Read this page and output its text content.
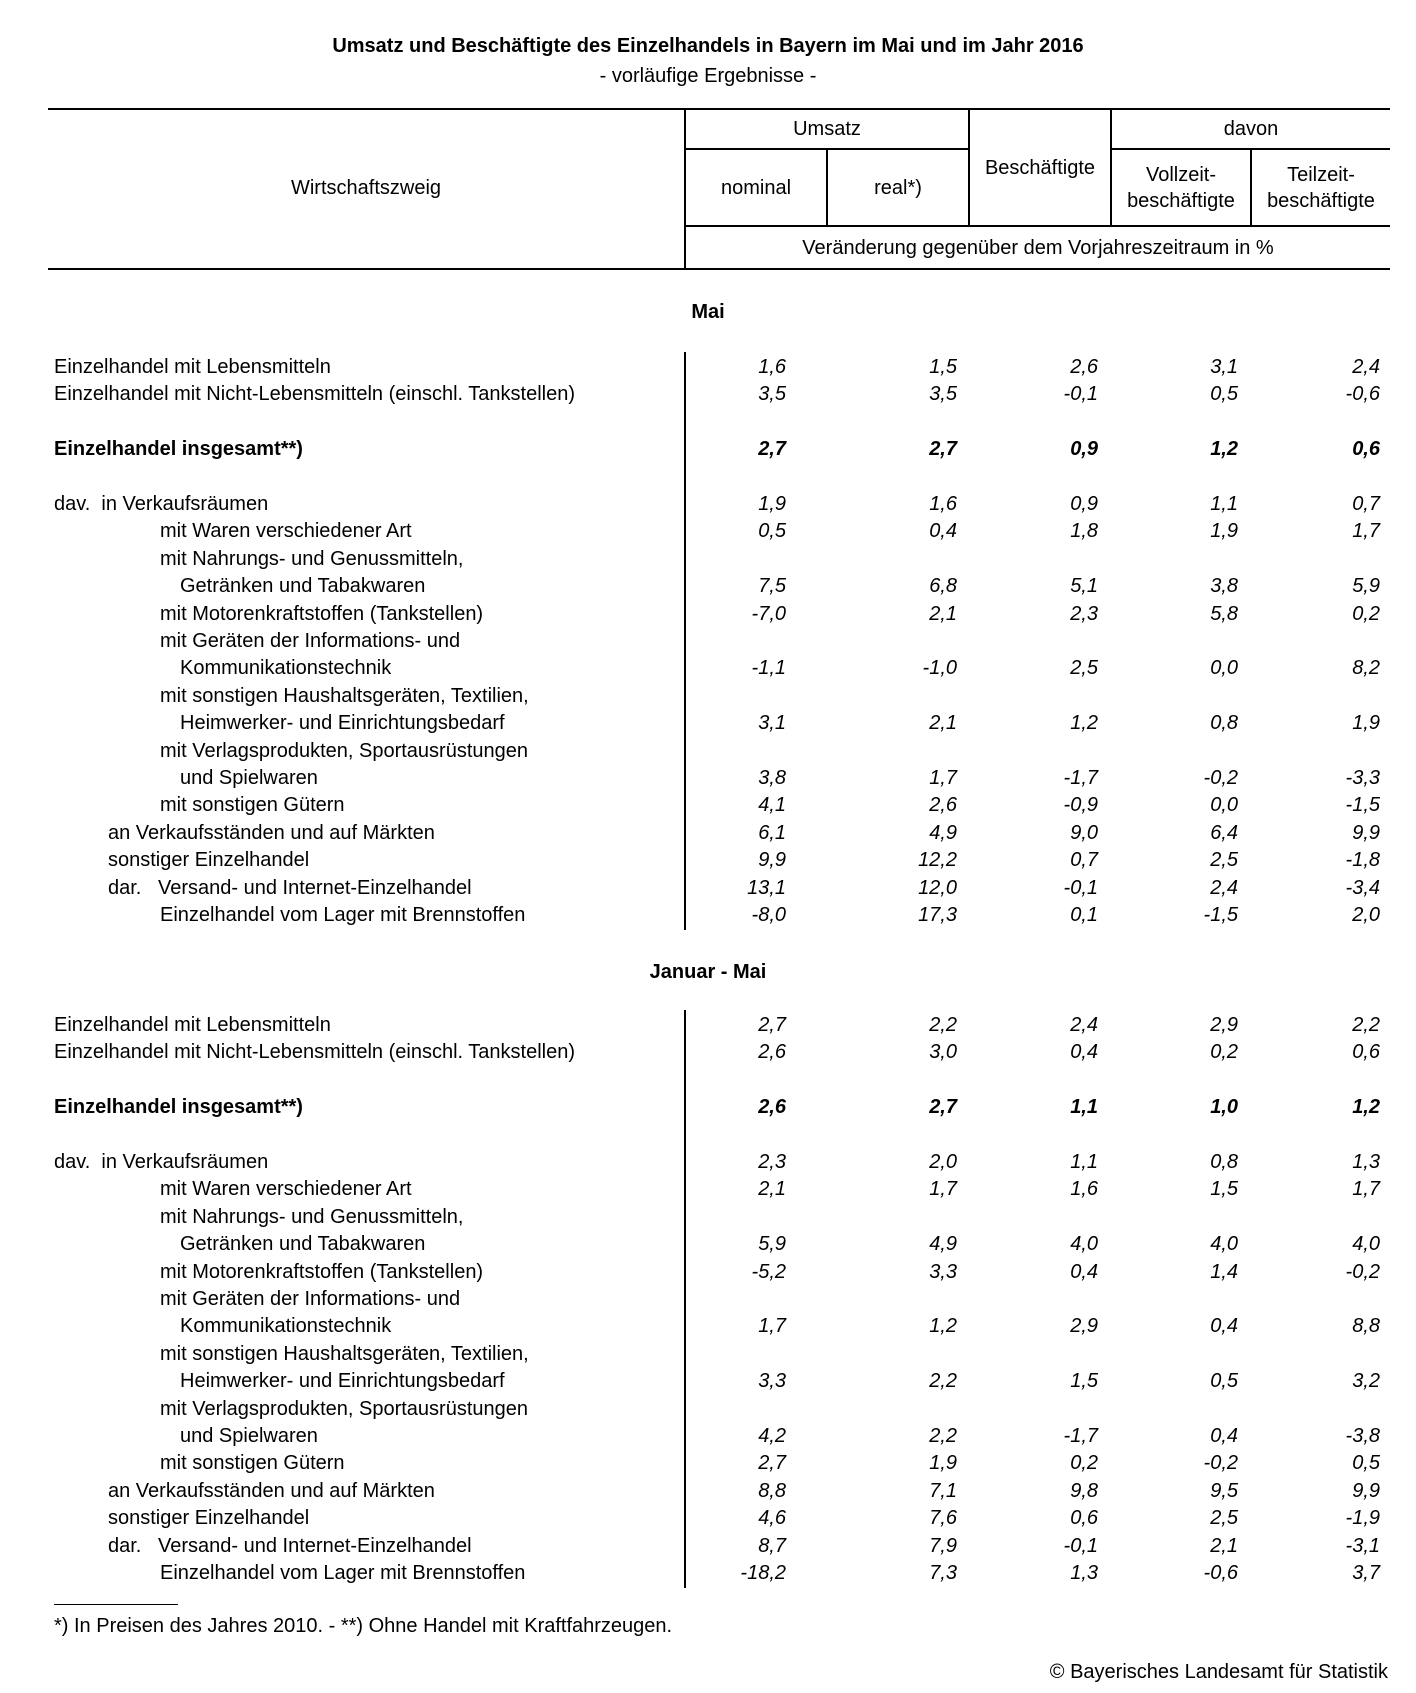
Umsatz und Beschäftigte des Einzelhandels in Bayern im Mai und im Jahr 2016
- vorläufige Ergebnisse -
Wirtschaftszweig
Umsatz
nominal	real*)
Beschäftigte
davon
Vollzeit-
beschäftigte
Teilzeit-
beschäftigte
Veränderung gegenüber dem Vorjahreszeitraum in %
Mai
Januar - Mai
Einzelhandel mit Lebensmitteln	1,6	1,5	2,6	3,1	2,4
Einzelhandel mit Nicht-Lebensmitteln (einschl. Tankstellen)	3,5	3,5	-0,1	0,5	-0,6
Einzelhandel insgesamt**)	2,7	2,7	0,9	1,2	0,6
dav.  in Verkaufsräumen	1,9	1,6	0,9	1,1	0,7
mit Waren verschiedener Art	0,5	0,4	1,8	1,9	1,7
mit Nahrungs- und Genussmitteln,
Getränken und Tabakwaren	7,5	6,8	5,1	3,8	5,9
mit Motorenkraftstoffen (Tankstellen)	-7,0	2,1	2,3	5,8	0,2
mit Geräten der Informations- und
Kommunikationstechnik	-1,1	-1,0	2,5	0,0	8,2
mit sonstigen Haushaltsgeräten, Textilien,
Heimwerker- und Einrichtungsbedarf	3,1	2,1	1,2	0,8	1,9
mit Verlagsprodukten, Sportausrüstungen
und Spielwaren	3,8	1,7	-1,7	-0,2	-3,3
mit sonstigen Gütern	4,1	2,6	-0,9	0,0	-1,5
an Verkaufsständen und auf Märkten	6,1	4,9	9,0	6,4	9,9
sonstiger Einzelhandel	9,9	12,2	0,7	2,5	-1,8
dar.   Versand- und Internet-Einzelhandel	13,1	12,0	-0,1	2,4	-3,4
Einzelhandel vom Lager mit Brennstoffen	-8,0	17,3	0,1	-1,5	2,0
Einzelhandel mit Lebensmitteln	2,7	2,2	2,4	2,9	2,2
Einzelhandel mit Nicht-Lebensmitteln (einschl. Tankstellen)	2,6	3,0	0,4	0,2	0,6
Einzelhandel insgesamt**)	2,6	2,7	1,1	1,0	1,2
dav.  in Verkaufsräumen	2,3	2,0	1,1	0,8	1,3
mit Waren verschiedener Art	2,1	1,7	1,6	1,5	1,7
mit Nahrungs- und Genussmitteln,
Getränken und Tabakwaren	5,9	4,9	4,0	4,0	4,0
mit Motorenkraftstoffen (Tankstellen)	-5,2	3,3	0,4	1,4	-0,2
mit Geräten der Informations- und
Kommunikationstechnik	1,7	1,2	2,9	0,4	8,8
mit sonstigen Haushaltsgeräten, Textilien,
Heimwerker- und Einrichtungsbedarf	3,3	2,2	1,5	0,5	3,2
mit Verlagsprodukten, Sportausrüstungen
und Spielwaren	4,2	2,2	-1,7	0,4	-3,8
mit sonstigen Gütern	2,7	1,9	0,2	-0,2	0,5
an Verkaufsständen und auf Märkten	8,8	7,1	9,8	9,5	9,9
sonstiger Einzelhandel	4,6	7,6	0,6	2,5	-1,9
dar.   Versand- und Internet-Einzelhandel	8,7	7,9	-0,1	2,1	-3,1
Einzelhandel vom Lager mit Brennstoffen	-18,2	7,3	1,3	-0,6	3,7
*) In Preisen des Jahres 2010. - **) Ohne Handel mit Kraftfahrzeugen.
© Bayerisches Landesamt für Statistik
